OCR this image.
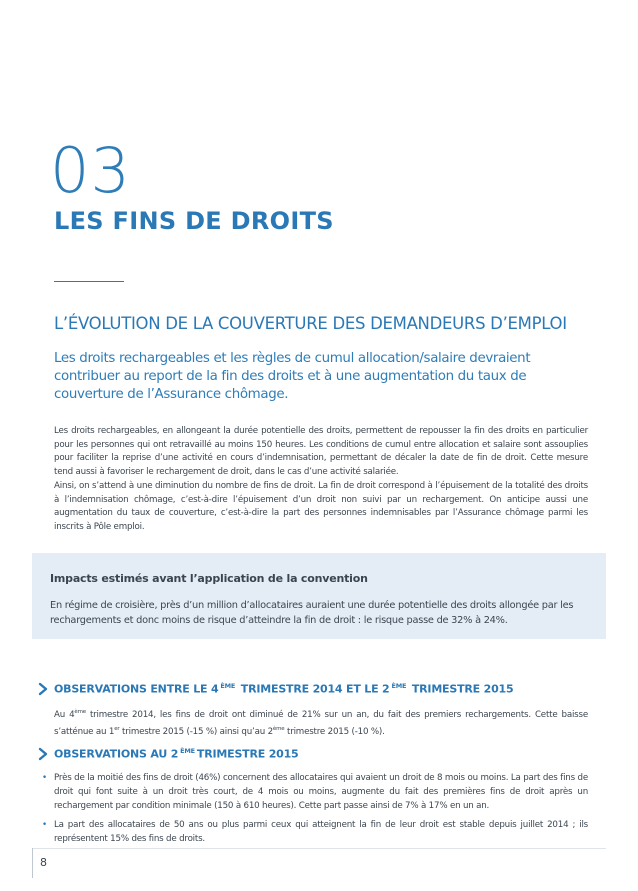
03
LES FINS DE DROITS
L’ÉVOLUTION DE LA COUVERTURE DES DEMANDEURS D’EMPLOI
Les droits rechargeables et les règles de cumul allocation/salaire devraient contribuer au report de la fin des droits et à une augmentation du taux de couverture de l’Assurance chômage.
Les droits rechargeables, en allongeant la durée potentielle des droits, permettent de repousser la fin des droits en particulier pour les personnes qui ont retravaillé au moins 150 heures. Les conditions de cumul entre allocation et salaire sont assouplies pour faciliter la reprise d’une activité en cours d’indemnisation, permettant de décaler la date de fin de droit. Cette mesure tend aussi à favoriser le rechargement de droit, dans le cas d’une activité salariée.
Ainsi, on s’attend à une diminution du nombre de fins de droit. La fin de droit correspond à l’épuisement de la totalité des droits à l’indemnisation chômage, c’est-à-dire l’épuisement d’un droit non suivi par un rechargement. On anticipe aussi une augmentation du taux de couverture, c’est-à-dire la part des personnes indemnisables par l’Assurance chômage parmi les inscrits à Pôle emploi.
Impacts estimés avant l’application de la convention
En régime de croisière, près d’un million d’allocataires auraient une durée potentielle des droits allongée par les rechargements et donc moins de risque d’atteindre la fin de droit : le risque passe de 32% à 24%.
OBSERVATIONS ENTRE LE 4 $^{ÈME}$ TRIMESTRE 2014 ET LE 2 $^{ÈME}$ TRIMESTRE 2015
Au 4ème trimestre 2014, les fins de droit ont diminué de 21% sur un an, du fait des premiers rechargements. Cette baisse s’atténue au 1er trimestre 2015 (-15 %) ainsi qu’au 2ème trimestre 2015 (-10 %).
OBSERVATIONS AU 2 $^{ÈME}$ TRIMESTRE 2015
• Près de la moitié des fins de droit (46%) concernent des allocataires qui avaient un droit de 8 mois ou moins. La part des fins de droit qui font suite à un droit très court, de 4 mois ou moins, augmente du fait des premières fins de droit après un rechargement par condition minimale (150 à 610 heures). Cette part passe ainsi de 7% à 17% en un an.
• La part des allocataires de 50 ans ou plus parmi ceux qui atteignent la fin de leur droit est stable depuis juillet 2014 ; ils représentent 15% des fins de droits.
8
